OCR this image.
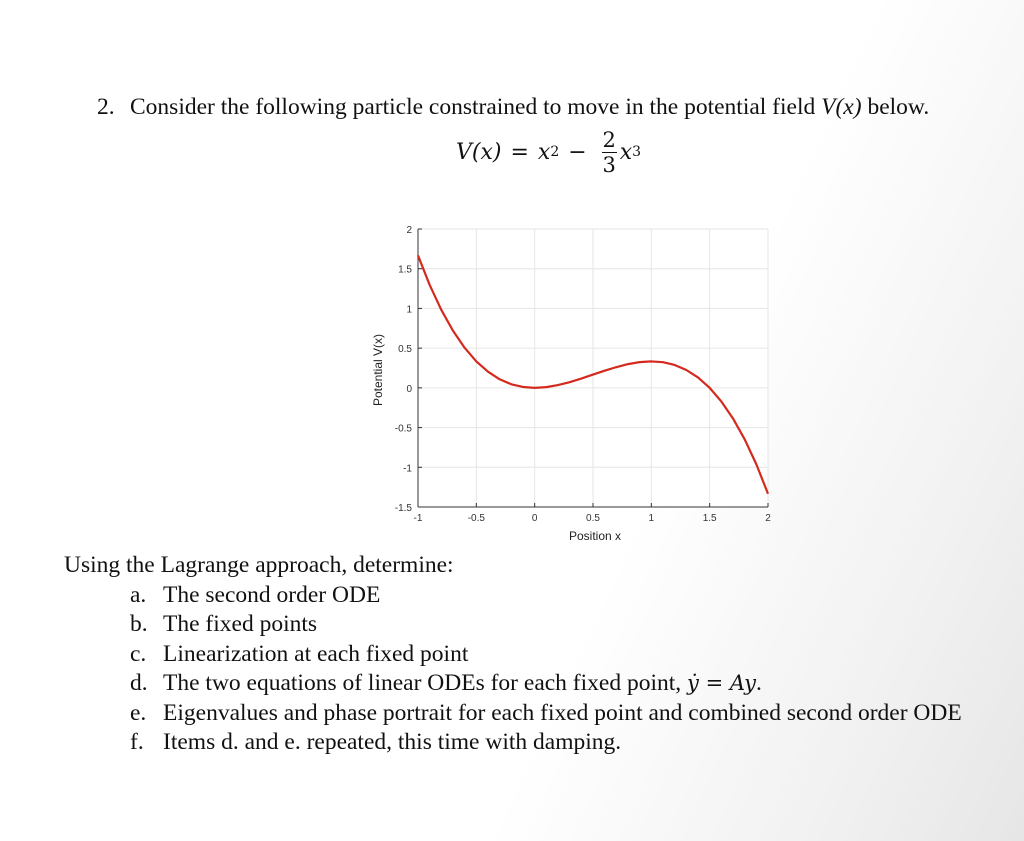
2. Consider the following particle constrained to move in the potential field V(x) below.
V(x) = x $2 - \frac{2}{3}$ x 3
-1.5
-1
-0.5
0
0.5
1
1.5
2
-1	-0.5	0	0.5	1	1.5	2
Position x
Potential V(x)
Using the Lagrange approach, determine:
a. The second order ODE
b. The fixed points
c. Linearization at each fixed point
d. The two equations of linear ODEs for each fixed point,
ẏ = Ay .
e. Eigenvalues and phase portrait for each fixed point and combined second order ODE
f. Items d. and e. repeated, this time with damping.
